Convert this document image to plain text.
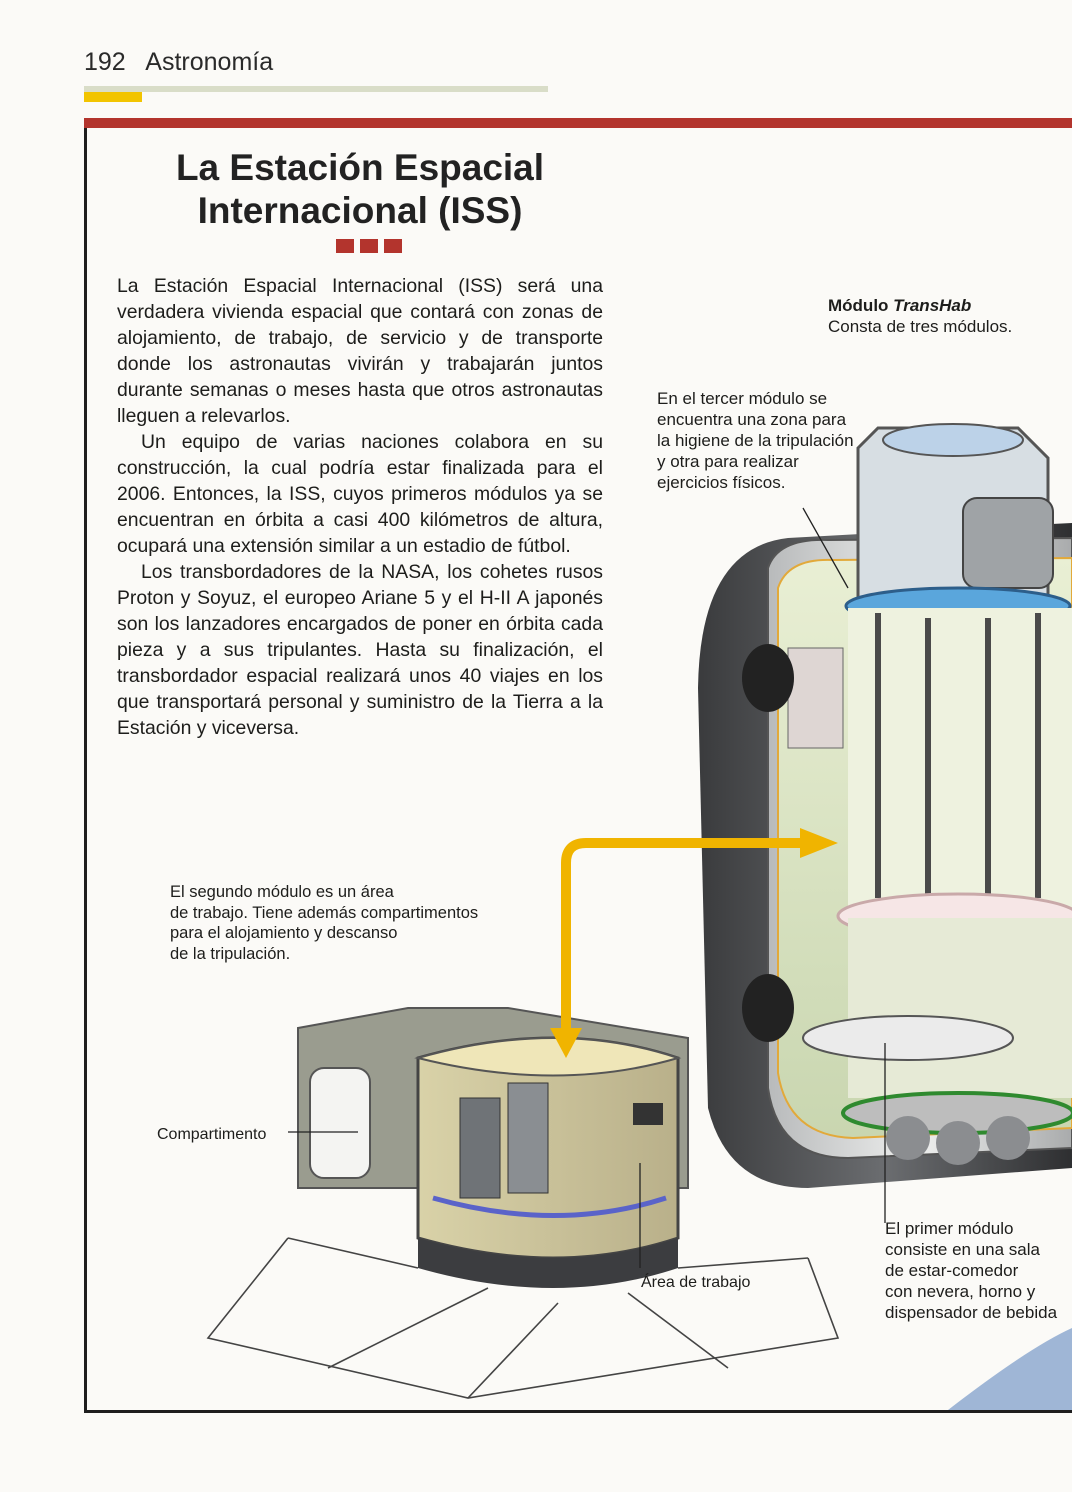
192 Astronomía
La Estación Espacial
Internacional (ISS)

La Estación Espacial Internacional (ISS) será una verdadera vivienda espacial que contará con zonas de alojamiento, de trabajo, de servicio y de transporte donde los astronautas vivirán y trabajarán juntos durante semanas o meses hasta que otros astronautas lleguen a relevarlos.

Un equipo de varias naciones colabora en su construcción, la cual podría estar finalizada para el 2006. Entonces, la ISS, cuyos primeros módulos ya se encuentran en órbita a casi 400 kilómetros de altura, ocupará una extensión similar a un estadio de fútbol.

Los transbordadores de la NASA, los cohetes rusos Proton y Soyuz, el europeo Ariane 5 y el H-II A japonés son los lanzadores encargados de poner en órbita cada pieza y a sus tripulantes. Hasta su finalización, el transbordador espacial realizará unos 40 viajes en los que transportará personal y suministro de la Tierra a la Estación y viceversa.

Módulo TransHab
Consta de tres módulos.
En el tercer módulo se
encuentra una zona para
la higiene de la tripulación
y otra para realizar
ejercicios físicos.
El segundo módulo es un área
de trabajo. Tiene además compartimentos
para el alojamiento y descanso
de la tripulación.
Compartimento
Área de trabajo
El primer módulo
consiste en una sala
de estar-comedor
con nevera, horno y
dispensador de bebida
